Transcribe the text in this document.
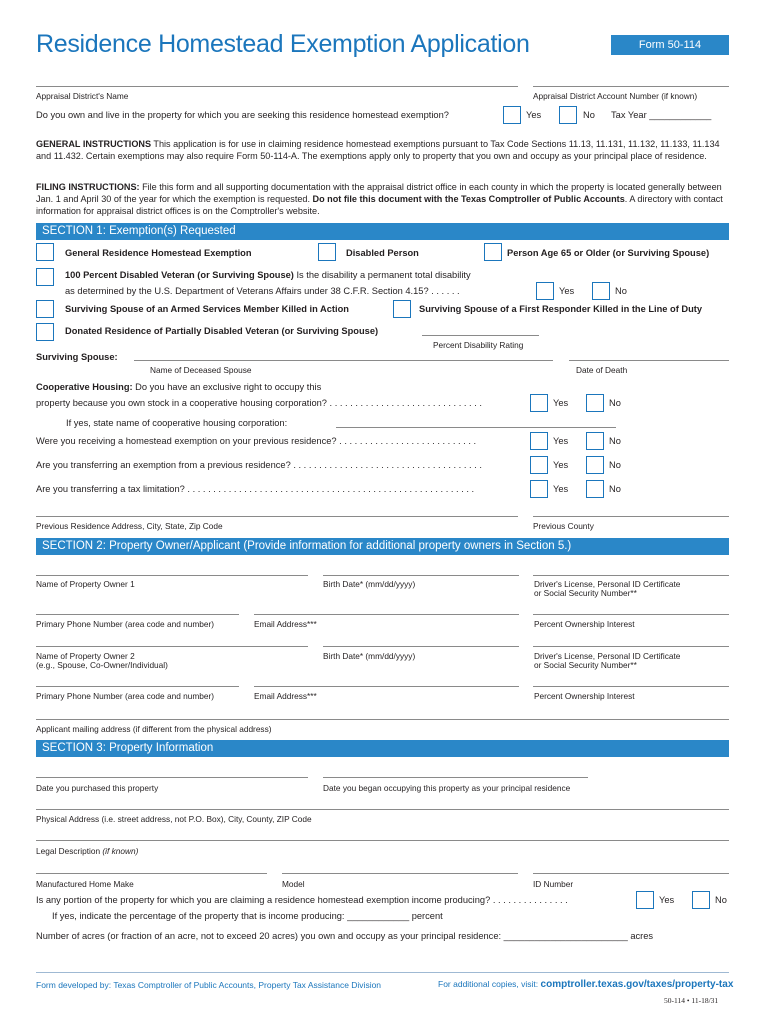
Residence Homestead Exemption Application	Form 50-114
Appraisal District's Name	Appraisal District Account Number (if known)
Do you own and live in the property for which you are seeking this residence homestead exemption?	Yes	No Tax Year ____________
GENERAL INSTRUCTIONS This application is for use in claiming residence homestead exemptions pursuant to Tax Code Sections 11.13, 11.131, 11.132, 11.133, 11.134 and 11.432. Certain exemptions may also require Form 50-114-A. The exemptions apply only to property that you own and occupy as your principal place of residence.
FILING INSTRUCTIONS: File this form and all supporting documentation with the appraisal district office in each county in which the property is located generally between Jan. 1 and April 30 of the year for which the exemption is requested. Do not file this document with the Texas Comptroller of Public Accounts. A directory with contact information for appraisal district offices is on the Comptroller's website.
SECTION 1: Exemption(s) Requested
General Residence Homestead Exemption	Disabled Person	Person Age 65 or Older (or Surviving Spouse)
100 Percent Disabled Veteran (or Surviving Spouse) Is the disability a permanent total disability
as determined by the U.S. Department of Veterans Affairs under 38 C.F.R. Section 4.15? . . . . . .	Yes	No
Surviving Spouse of an Armed Services Member Killed in Action	Surviving Spouse of a First Responder Killed in the Line of Duty
Donated Residence of Partially Disabled Veteran (or Surviving Spouse)
Percent Disability Rating
Surviving Spouse:
Name of Deceased Spouse	Date of Death
Cooperative Housing: Do you have an exclusive right to occupy this
property because you own stock in a cooperative housing corporation? . . . . . . . . . . . . . . . . . . . . . . . . . . . . . .	Yes	No
If yes, state name of cooperative housing corporation:
Were you receiving a homestead exemption on your previous residence? . . . . . . . . . . . . . . . . . . . . . . . . . . .	Yes	No
Are you transferring an exemption from a previous residence? . . . . . . . . . . . . . . . . . . . . . . . . . . . . . . . . . . . . .	Yes	No
Are you transferring a tax limitation? . . . . . . . . . . . . . . . . . . . . . . . . . . . . . . . . . . . . . . . . . . . . . . . . . . . . . . . .	Yes	No
Previous Residence Address, City, State, Zip Code	Previous County
SECTION 2: Property Owner/Applicant (Provide information for additional property owners in Section 5.)
Name of Property Owner 1	Birth Date* (mm/dd/yyyy)	Driver's License, Personal ID Certificate
or Social Security Number**
Primary Phone Number (area code and number)	Email Address***	Percent Ownership Interest
Name of Property Owner 2
(e.g., Spouse, Co-Owner/Individual)
Birth Date* (mm/dd/yyyy)	Driver's License, Personal ID Certificate
or Social Security Number**
Primary Phone Number (area code and number)	Email Address***	Percent Ownership Interest
Applicant mailing address (if different from the physical address)
SECTION 3: Property Information
Date you purchased this property	Date you began occupying this property as your principal residence
Physical Address (i.e. street address, not P.O. Box), City, County, ZIP Code
Legal Description (if known)
Manufactured Home Make	Model	ID Number
Is any portion of the property for which you are claiming a residence homestead exemption income producing? . . . . . . . . . . . . . . .	Yes	No
If yes, indicate the percentage of the property that is income producing: ____________ percent
Number of acres (or fraction of an acre, not to exceed 20 acres) you own and occupy as your principal residence: ________________________ acres
Form developed by: Texas Comptroller of Public Accounts, Property Tax Assistance Division	For additional copies, visit: comptroller.texas.gov/taxes/property-tax
50-114 • 11-18/31
